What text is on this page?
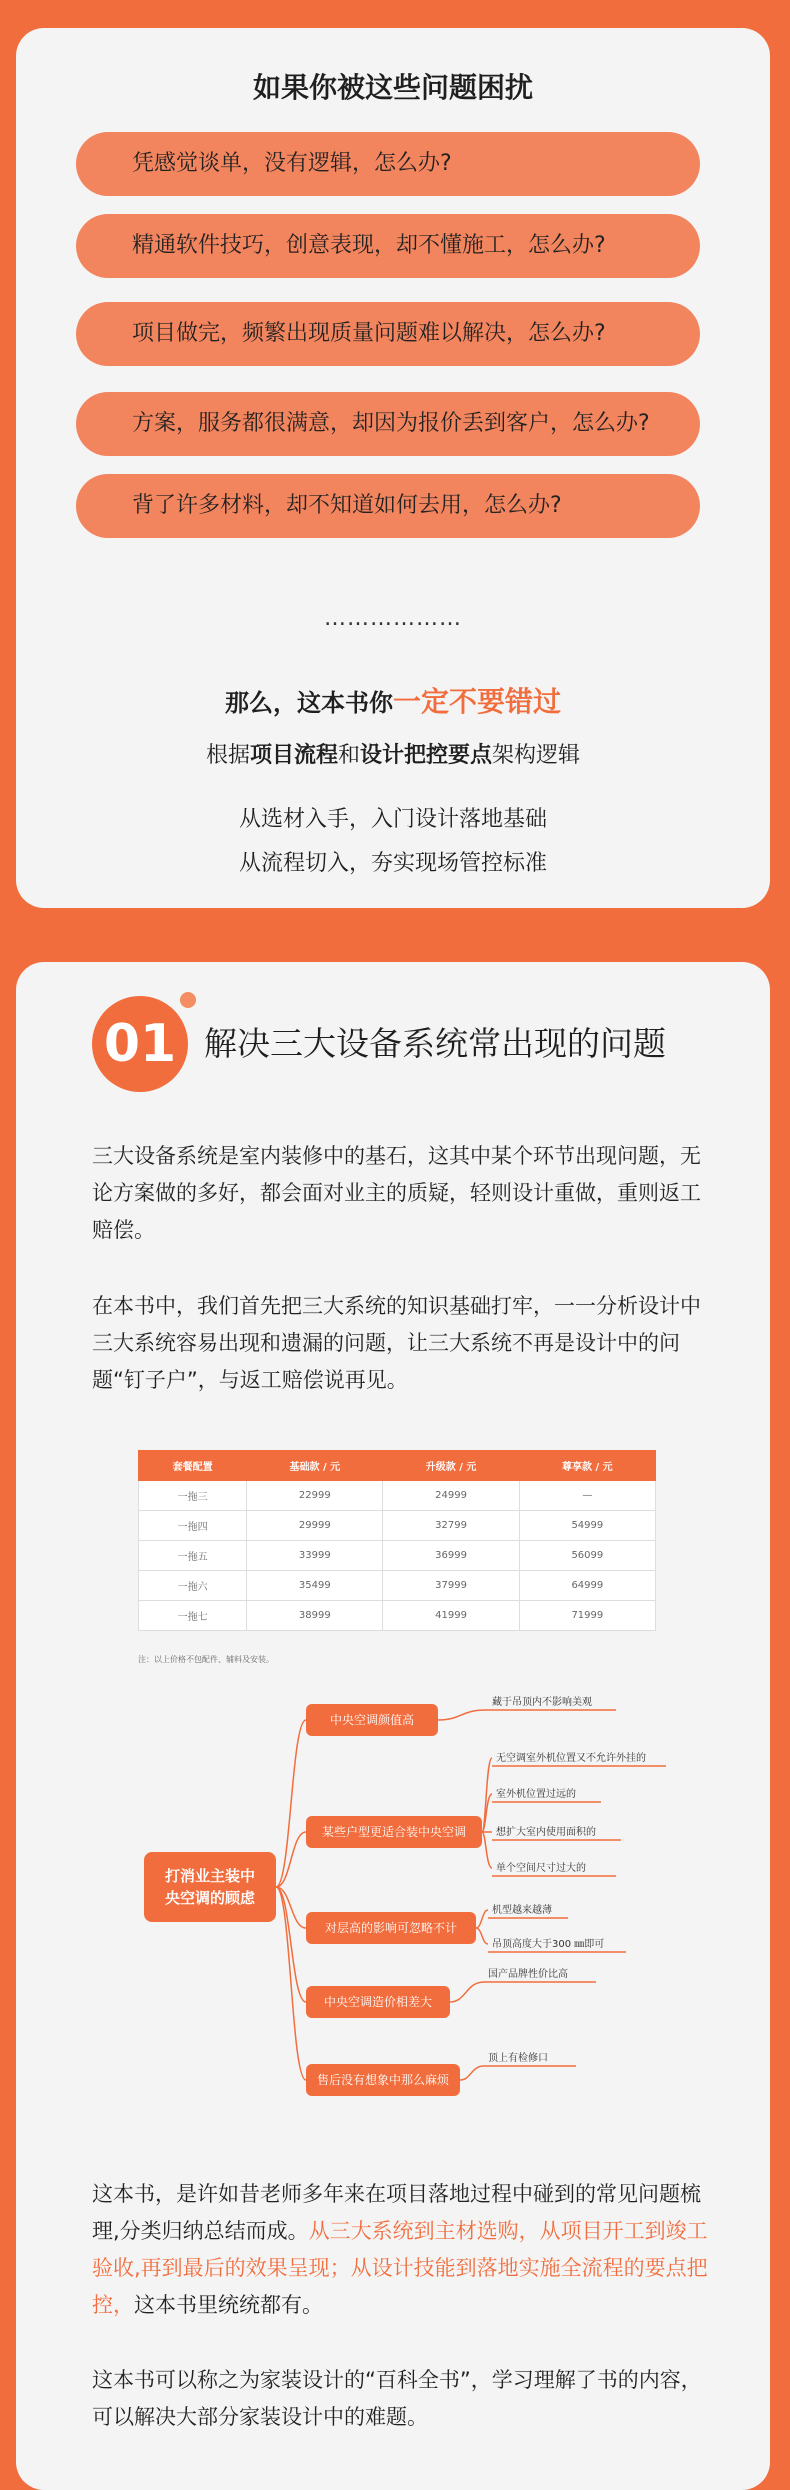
如果你被这些问题困扰
凭感觉谈单，没有逻辑，怎么办?
精通软件技巧，创意表现，却不懂施工，怎么办?
项目做完，频繁出现质量问题难以解决，怎么办?
方案，服务都很满意，却因为报价丢到客户，怎么办?
背了许多材料，却不知道如何去用，怎么办?
………………
那么，这本书你一定不要错过
根据项目流程和设计把控要点架构逻辑
从选材入手，入门设计落地基础
从流程切入，夯实现场管控标准
01 解决三大设备系统常出现的问题
三大设备系统是室内装修中的基石，这其中某个环节出现问题，无论方案做的多好，都会面对业主的质疑，轻则设计重做，重则返工赔偿。
在本书中，我们首先把三大系统的知识基础打牢，一一分析设计中三大系统容易出现和遗漏的问题，让三大系统不再是设计中的问题“钉子户”，与返工赔偿说再见。
套餐配置	基础款 / 元	升级款 / 元	尊享款 / 元
一拖三	22999	24999	—
一拖四	29999	32799	54999
一拖五	33999	36999	56099
一拖六	35499	37999	64999
一拖七	38999	41999	71999
注：以上价格不包配件、辅料及安装。
打消业主装中
央空调的顾虑
中央空调颜值高
某些户型更适合装中央空调
对层高的影响可忽略不计
中央空调造价相差大
售后没有想象中那么麻烦
藏于吊顶内不影响美观
无空调室外机位置又不允许外挂的
室外机位置过远的
想扩大室内使用面积的
单个空间尺寸过大的
机型越来越薄
吊顶高度大于300 ㎜即可
国产品牌性价比高
顶上有检修口
这本书，是许如昔老师多年来在项目落地过程中碰到的常见问题梳理,分类归纳总结而成。从三大系统到主材选购，从项目开工到竣工验收,再到最后的效果呈现；从设计技能到落地实施全流程的要点把控，这本书里统统都有。
这本书可以称之为家装设计的“百科全书”，学习理解了书的内容，可以解决大部分家装设计中的难题。
